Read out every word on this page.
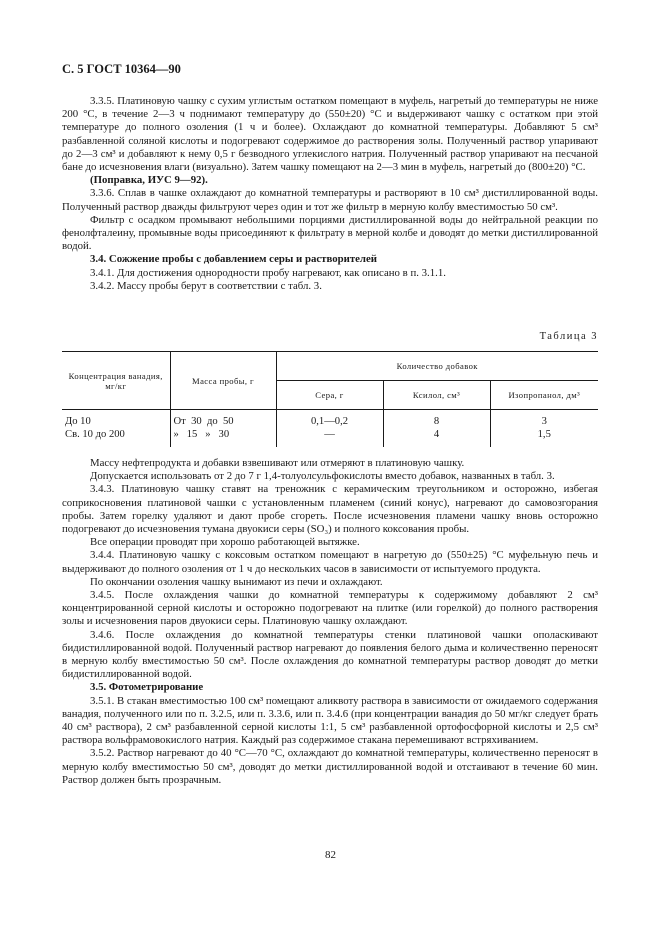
С. 5 ГОСТ 10364—90

3.3.5. Платиновую чашку с сухим углистым остатком помещают в муфель, нагретый до температуры не ниже 200 °С, в течение 2—3 ч поднимают температуру до (550±20) °С и выдерживают чашку с остатком при этой температуре до полного озоления (1 ч и более). Охлаждают до комнатной температуры. Добавляют 5 см³ разбавленной соляной кислоты и подогревают содержимое до растворения золы. Полученный раствор упаривают до 2—3 см³ и добавляют к нему 0,5 г безводного углекислого натрия. Полученный раствор упаривают на песчаной бане до исчезновения влаги (визуально). Затем чашку помещают на 2—3 мин в муфель, нагретый до (800±20) °С.

(Поправка, ИУС 9—92).

3.3.6. Сплав в чашке охлаждают до комнатной температуры и растворяют в 10 см³ дистиллированной воды. Полученный раствор дважды фильтруют через один и тот же фильтр в мерную колбу вместимостью 50 см³.

Фильтр с осадком промывают небольшими порциями дистиллированной воды до нейтральной реакции по фенолфталеину, промывные воды присоединяют к фильтрату в мерной колбе и доводят до метки дистиллированной водой.

3.4. Сожжение пробы с добавлением серы и растворителей

3.4.1. Для достижения однородности пробу нагревают, как описано в п. 3.1.1.

3.4.2. Массу пробы берут в соответствии с табл. 3.

Таблица 3
Концентрация ванадия, мг/кг	Масса пробы, г	Количество добавок		
		Сера, г	Ксилол, см³	Изопропанол, дм³
До 10	От  30  до  50	0,1—0,2	8	3
Св. 10 до 200	»   15   »   30	—	4	1,5

Массу нефтепродукта и добавки взвешивают или отмеряют в платиновую чашку.

Допускается использовать от 2 до 7 г 1,4-толуолсульфокислоты вместо добавок, названных в табл. 3.

3.4.3. Платиновую чашку ставят на треножник с керамическим треугольником и осторожно, избегая соприкосновения платиновой чашки с установленным пламенем (синий конус), нагревают до самовозгорания пробы. Затем горелку удаляют и дают пробе сгореть. После исчезновения пламени чашку вновь осторожно подогревают до исчезновения тумана двуокиси серы (SO₃) и полного коксования пробы.

Все операции проводят при хорошо работающей вытяжке.

3.4.4. Платиновую чашку с коксовым остатком помещают в нагретую до (550±25) °С муфельную печь и выдерживают до полного озоления от 1 ч до нескольких часов в зависимости от испытуемого продукта.

По окончании озоления чашку вынимают из печи и охлаждают.

3.4.5. После охлаждения чашки до комнатной температуры к содержимому добавляют 2 см³ концентрированной серной кислоты и осторожно подогревают на плитке (или горелкой) до полного растворения золы и исчезновения паров двуокиси серы. Платиновую чашку охлаждают.

3.4.6. После охлаждения до комнатной температуры стенки платиновой чашки ополаскивают бидистиллированной водой. Полученный раствор нагревают до появления белого дыма и количественно переносят в мерную колбу вместимостью 50 см³. После охлаждения до комнатной температуры раствор доводят до метки бидистиллированной водой.

3.5. Фотометрирование

3.5.1. В стакан вместимостью 100 см³ помещают аликвоту раствора в зависимости от ожидаемого содержания ванадия, полученного или по п. 3.2.5, или п. 3.3.6, или п. 3.4.6 (при концентрации ванадия до 50 мг/кг следует брать 40 см³ раствора), 2 см³ разбавленной серной кислоты 1:1, 5 см³ разбавленной ортофосфорной кислоты и 2,5 см³ раствора вольфрамовокислого натрия. Каждый раз содержимое стакана перемешивают встряхиванием.

3.5.2. Раствор нагревают до 40 °С—70 °С, охлаждают до комнатной температуры, количественно переносят в мерную колбу вместимостью 50 см³, доводят до метки дистиллированной водой и отстаивают в течение 60 мин. Раствор должен быть прозрачным.

82
